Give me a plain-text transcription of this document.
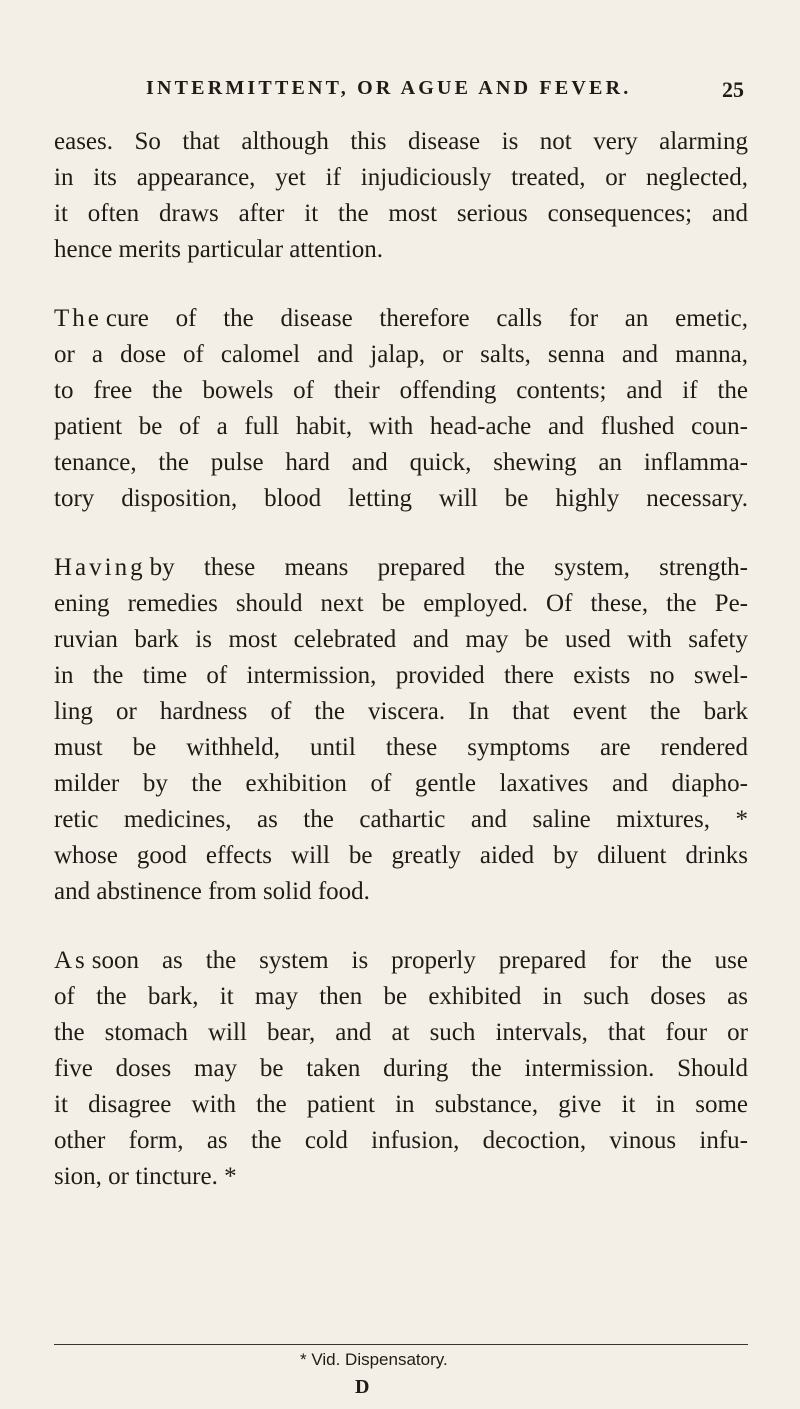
INTERMITTENT, OR AGUE AND FEVER.	25
eases. So that although this disease is not very alarming
in its appearance, yet if injudiciously treated, or neglected,
it often draws after it the most serious consequences; and
hence merits particular attention.
The cure of the disease therefore calls for an emetic,
or a dose of calomel and jalap, or salts, senna and manna,
to free the bowels of their offending contents; and if the
patient be of a full habit, with head-ache and flushed coun-
tenance, the pulse hard and quick, shewing an inflamma-
tory disposition, blood letting will be highly necessary.
Having by these means prepared the system, strength-
ening remedies should next be employed. Of these, the Pe-
ruvian bark is most celebrated and may be used with safety
in the time of intermission, provided there exists no swel-
ling or hardness of the viscera. In that event the bark
must be withheld, until these symptoms are rendered
milder by the exhibition of gentle laxatives and diapho-
retic medicines, as the cathartic and saline mixtures, *
whose good effects will be greatly aided by diluent drinks
and abstinence from solid food.
As soon as the system is properly prepared for the use
of the bark, it may then be exhibited in such doses as
the stomach will bear, and at such intervals, that four or
five doses may be taken during the intermission. Should
it disagree with the patient in substance, give it in some
other form, as the cold infusion, decoction, vinous infu-
sion, or tincture. *
* Vid. Dispensatory.
D
